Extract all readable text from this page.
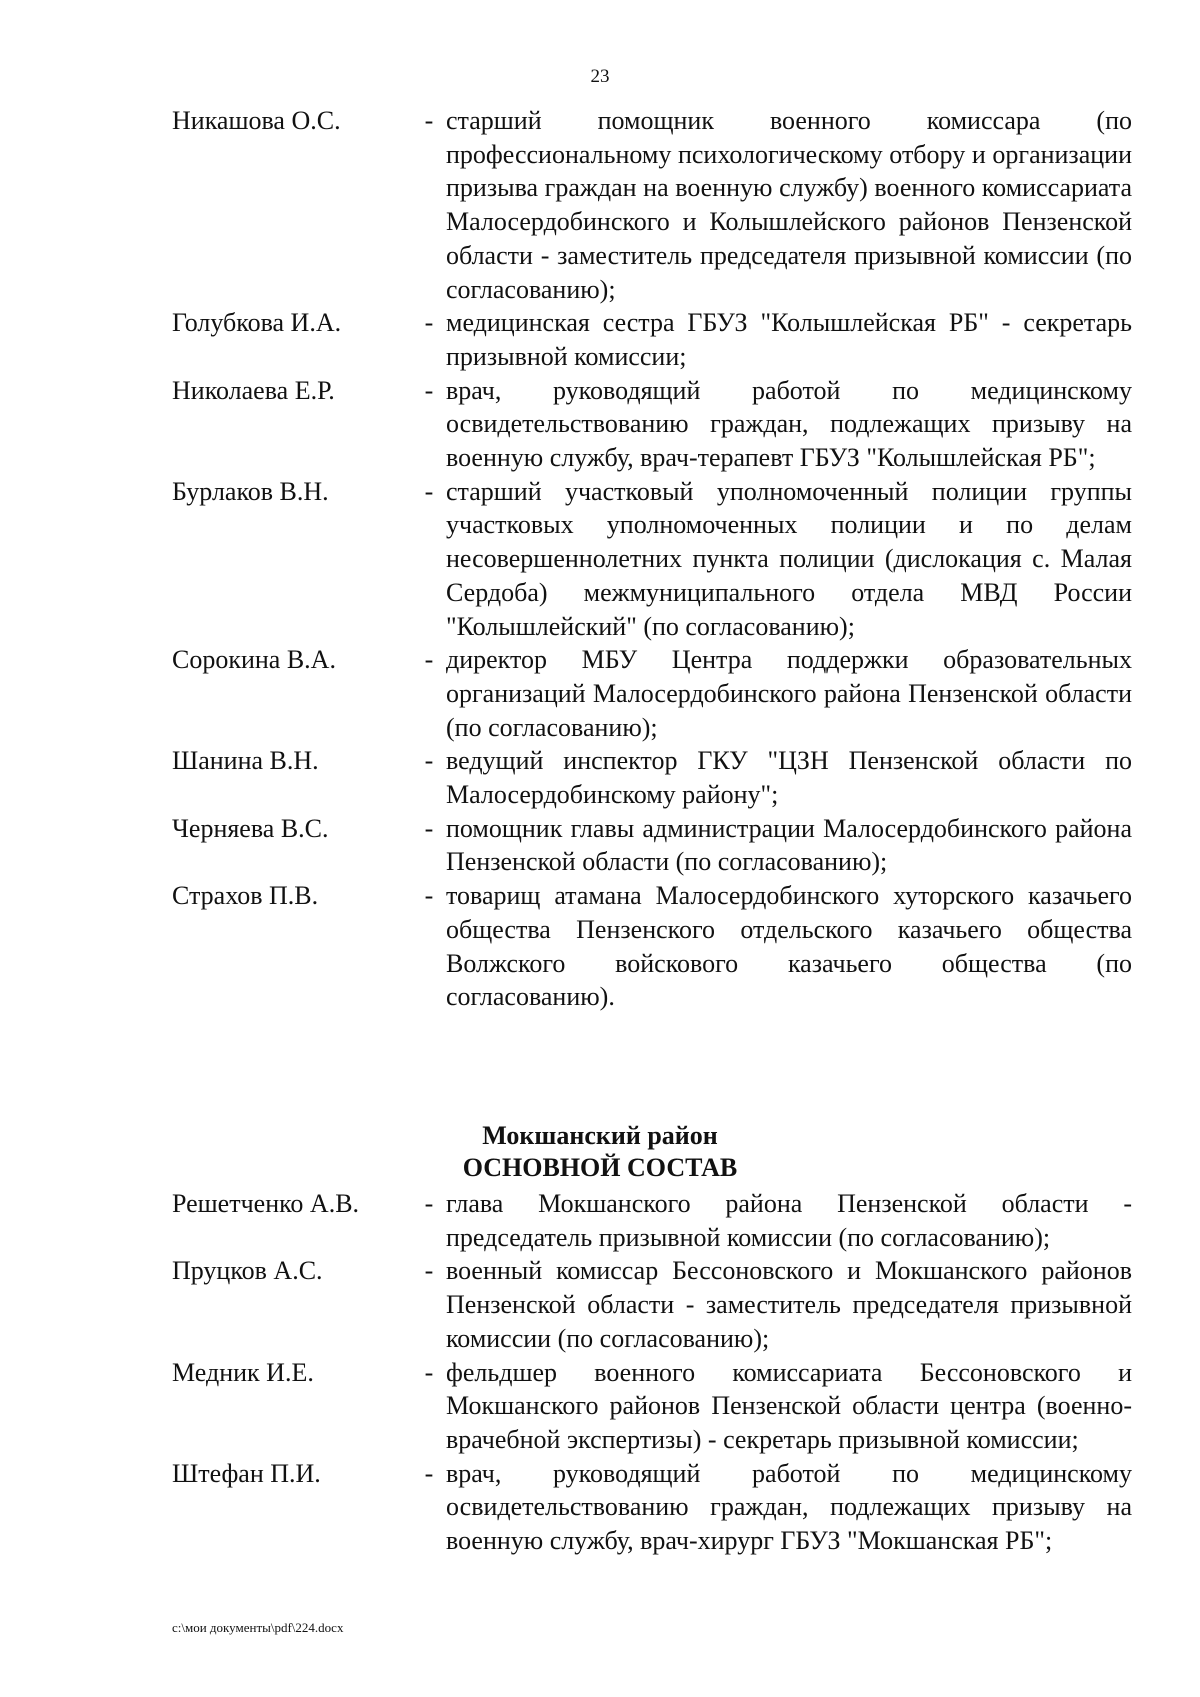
23
Никашова О.С.	- старший помощник военного комиссара (по профессиональному психологическому отбору и организации призыва граждан на военную службу) военного комиссариата Малосердобинского и Колышлейского районов Пензенской области - заместитель председателя призывной комиссии (по согласованию);
Голубкова И.А.	- медицинская сестра ГБУЗ "Колышлейская РБ" - секретарь призывной комиссии;
Николаева Е.Р.	- врач, руководящий работой по медицинскому освидетельствованию граждан, подлежащих призыву на военную службу, врач-терапевт ГБУЗ "Колышлейская РБ";
Бурлаков В.Н.	- старший участковый уполномоченный полиции группы участковых уполномоченных полиции и по делам несовершеннолетних пункта полиции (дислокация с. Малая Сердоба) межмуниципального отдела МВД России "Колышлейский" (по согласованию);
Сорокина В.А.	- директор МБУ Центра поддержки образовательных организаций Малосердобинского района Пензенской области (по согласованию);
Шанина В.Н.	- ведущий инспектор ГКУ "ЦЗН Пензенской области по Малосердобинскому району";
Черняева В.С.	- помощник главы администрации Малосердобинского района Пензенской области (по согласованию);
Страхов П.В.	- товарищ атамана Малосердобинского хуторского казачьего общества Пензенского отдельского казачьего общества Волжского войскового казачьего общества (по согласованию).
Мокшанский район
ОСНОВНОЙ СОСТАВ
Решетченко А.В.	- глава Мокшанского района Пензенской области - председатель призывной комиссии (по согласованию);
Пруцков А.С.	- военный комиссар Бессоновского и Мокшанского районов Пензенской области - заместитель председателя призывной комиссии (по согласованию);
Медник И.Е.	- фельдшер военного комиссариата Бессоновского и Мокшанского районов Пензенской области центра (военно-врачебной экспертизы) - секретарь призывной комиссии;
Штефан П.И.	- врач, руководящий работой по медицинскому освидетельствованию граждан, подлежащих призыву на военную службу, врач-хирург ГБУЗ "Мокшанская РБ";
c:\мои документы\pdf\224.docx
